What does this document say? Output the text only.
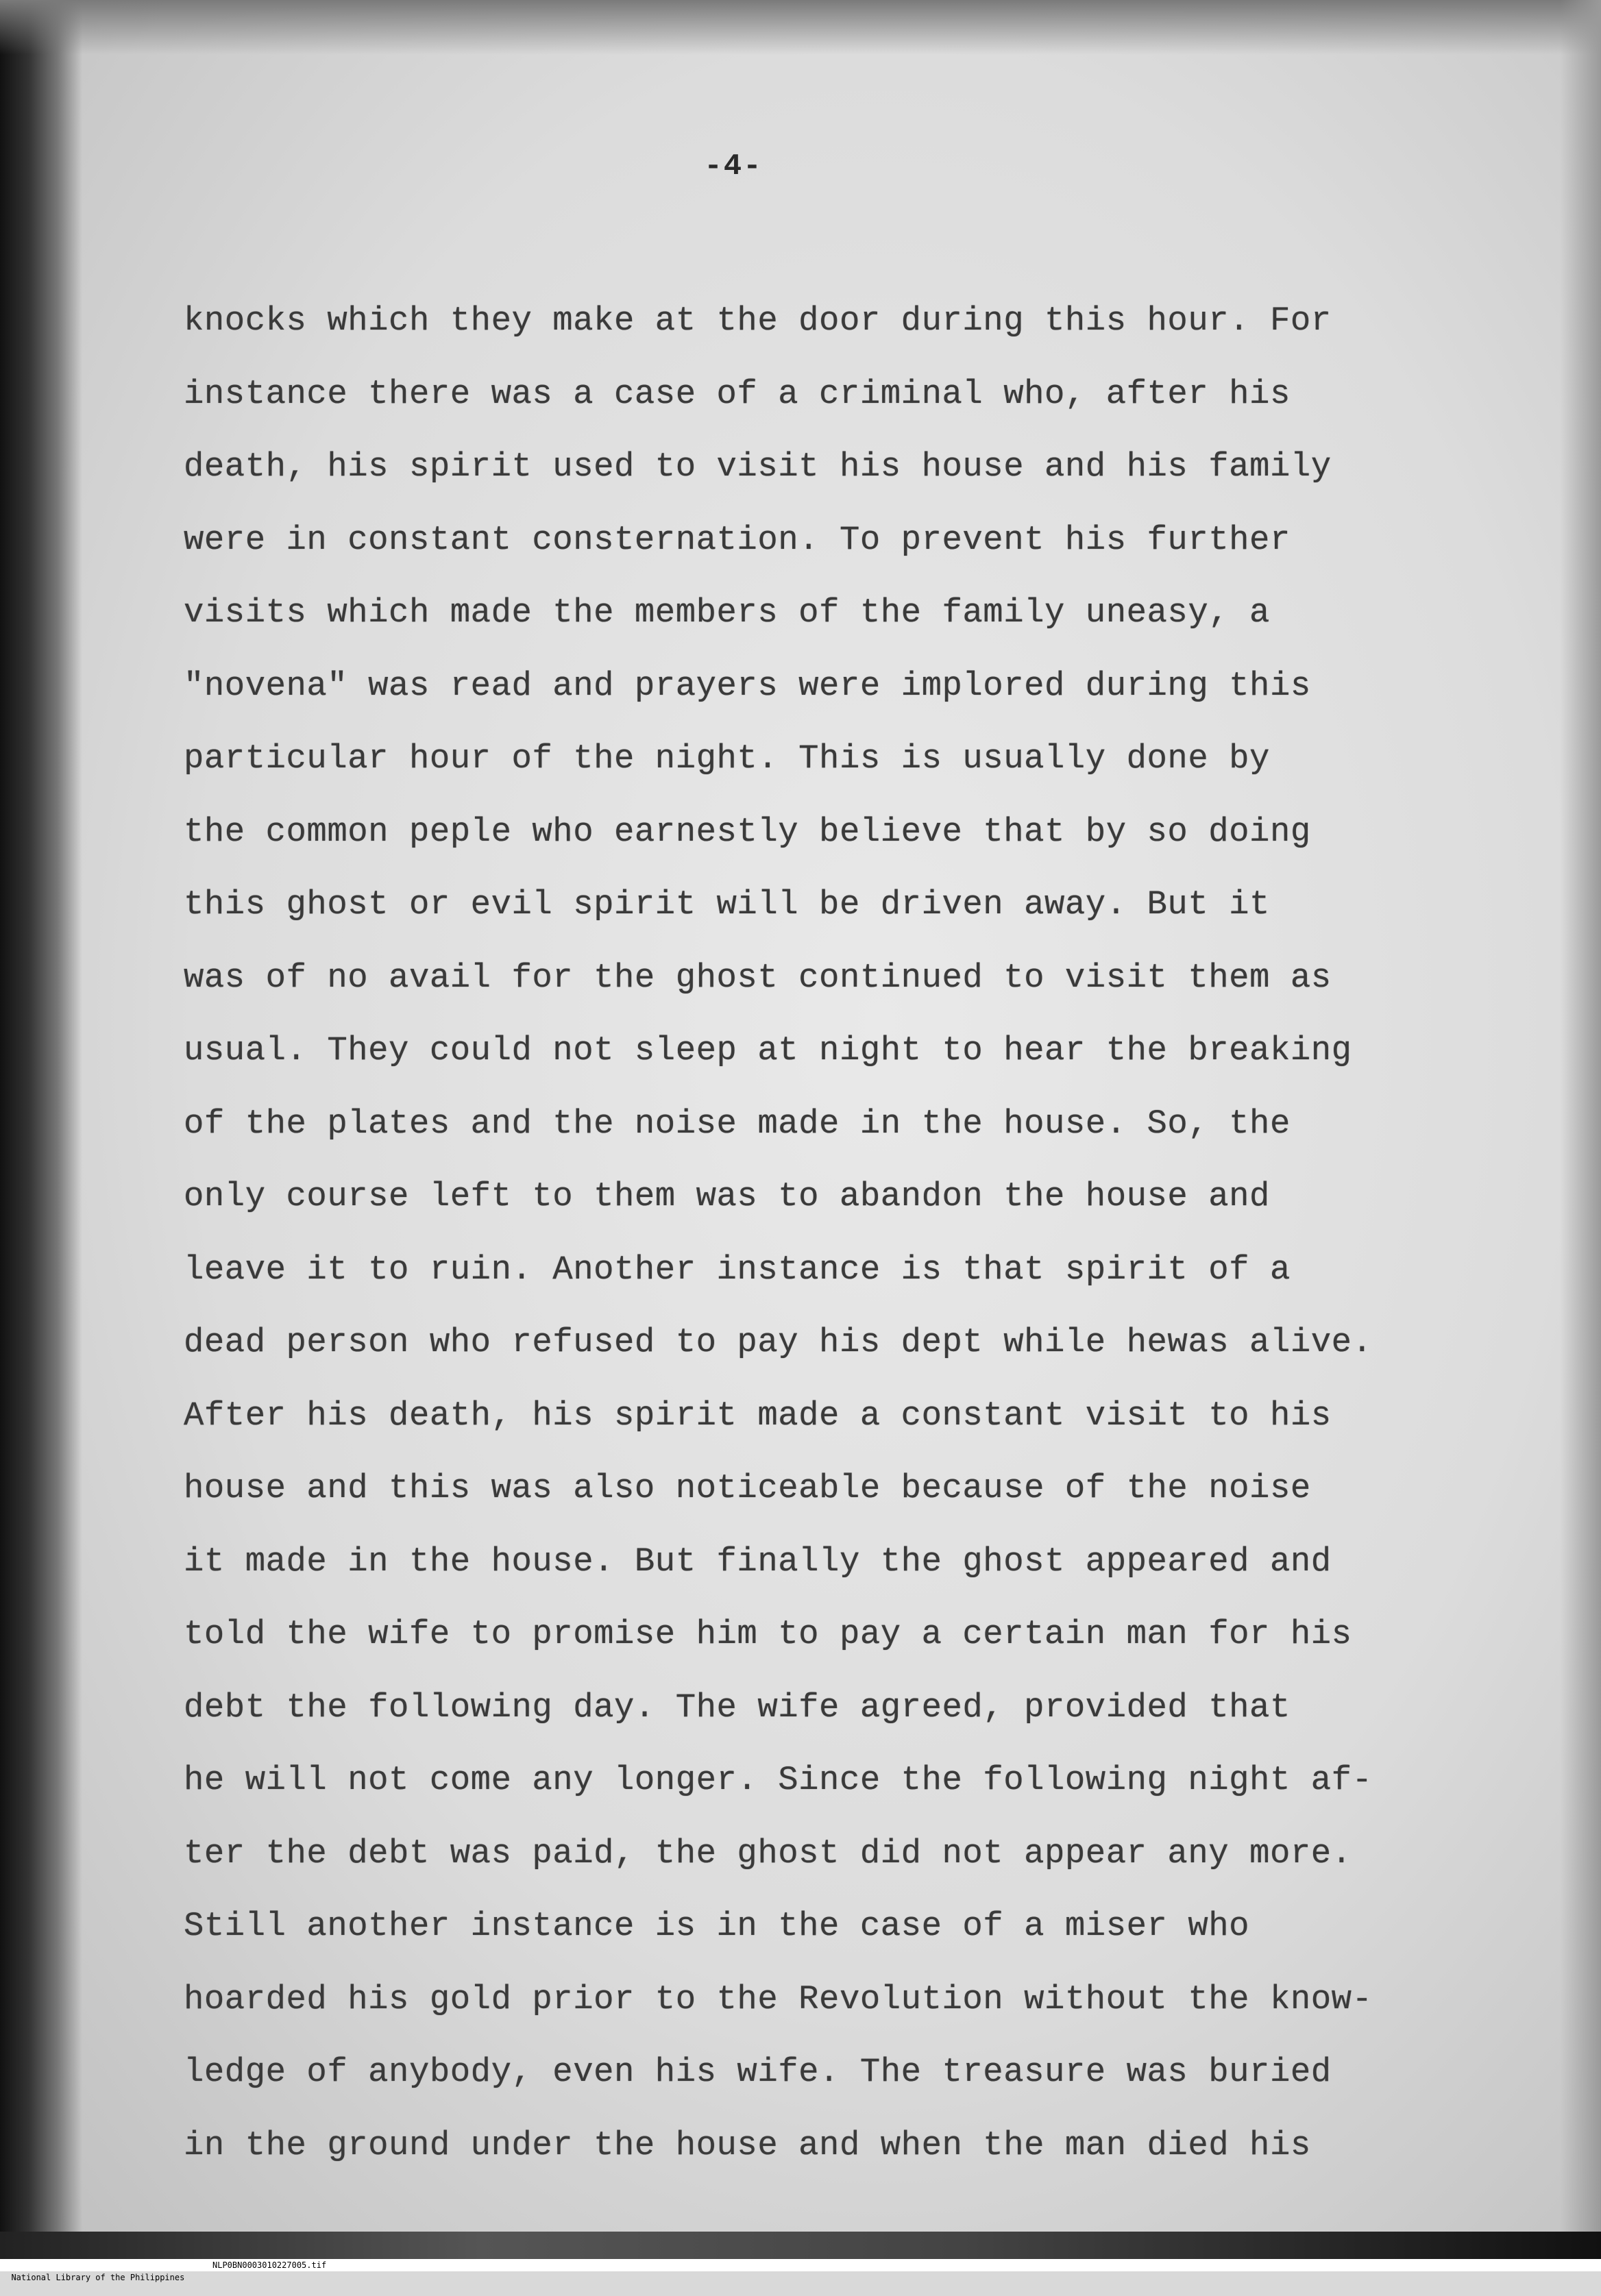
-4-
knocks which they make at the door during this hour. For
instance there was a case of a criminal who, after his
death, his spirit used to visit his house and his family
were in constant consternation. To prevent his further
visits which made the members of the family uneasy, a
"novena" was read and prayers were implored during this
particular hour of the night. This is usually done by
the common peple who earnestly believe that by so doing
this ghost or evil spirit will be driven away. But it
was of no avail for the ghost continued to visit them as
usual. They could not sleep at night to hear the breaking
of the plates and the noise made in the house. So, the
only course left to them was to abandon the house and
leave it to ruin. Another instance is that spirit of a
dead person who refused to pay his dept while hewas alive.
After his death, his spirit made a constant visit to his
house and this was also noticeable because of the noise
it made in the house. But finally the ghost appeared and
told the wife to promise him to pay a certain man for his
debt the following day. The wife agreed, provided that
he will not come any longer. Since the following night af-
ter the debt was paid, the ghost did not appear any more.
Still another instance is in the case of a miser who
hoarded his gold prior to the Revolution without the know-
ledge of anybody, even his wife. The treasure was buried
in the ground under the house and when the man died his

National Library of the Philippines

NLP0BN0003010227005.tif
